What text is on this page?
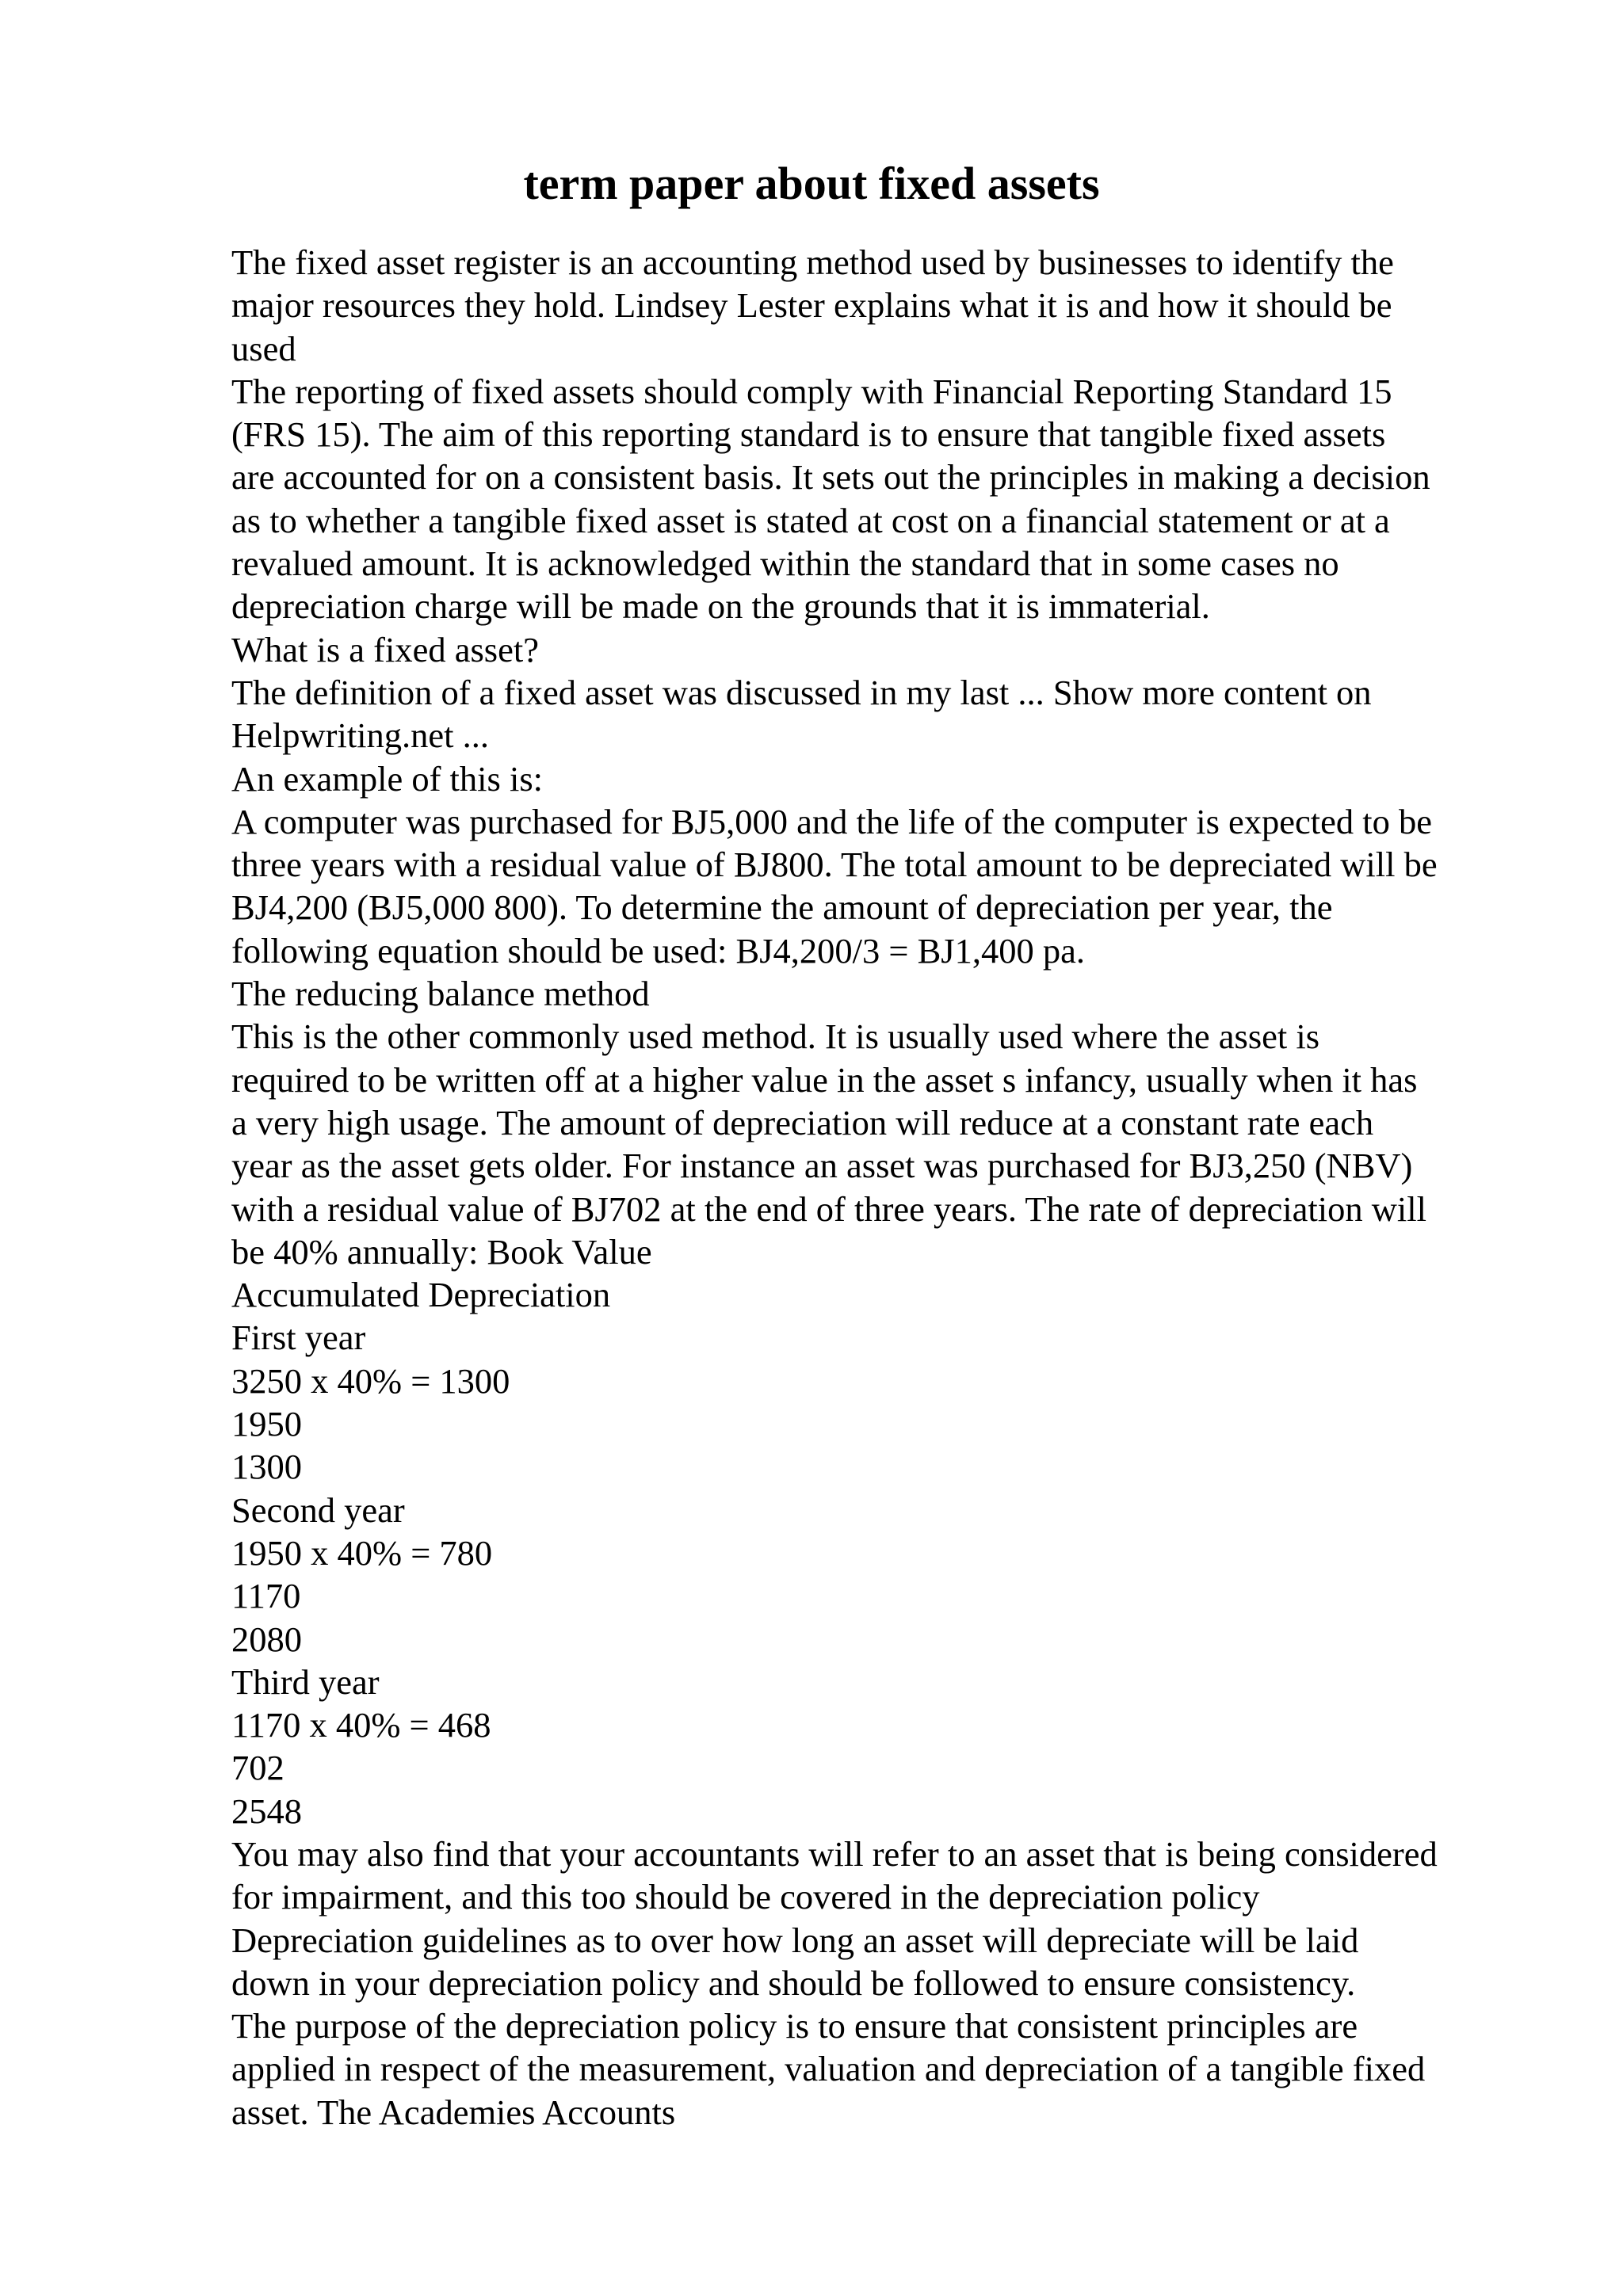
term paper about fixed assets
The fixed asset register is an accounting method used by businesses to identify the
major resources they hold. Lindsey Lester explains what it is and how it should be
used
The reporting of fixed assets should comply with Financial Reporting Standard 15
(FRS 15). The aim of this reporting standard is to ensure that tangible fixed assets
are accounted for on a consistent basis. It sets out the principles in making a decision
as to whether a tangible fixed asset is stated at cost on a financial statement or at a
revalued amount. It is acknowledged within the standard that in some cases no
depreciation charge will be made on the grounds that it is immaterial.
What is a fixed asset?
The definition of a fixed asset was discussed in my last ... Show more content on
Helpwriting.net ...
An example of this is:
A computer was purchased for BJ5,000 and the life of the computer is expected to be
three years with a residual value of BJ800. The total amount to be depreciated will be
BJ4,200 (BJ5,000 800). To determine the amount of depreciation per year, the
following equation should be used: BJ4,200/3 = BJ1,400 pa.
The reducing balance method
This is the other commonly used method. It is usually used where the asset is
required to be written off at a higher value in the asset s infancy, usually when it has
a very high usage. The amount of depreciation will reduce at a constant rate each
year as the asset gets older. For instance an asset was purchased for BJ3,250 (NBV)
with a residual value of BJ702 at the end of three years. The rate of depreciation will
be 40% annually: Book Value
Accumulated Depreciation
First year
3250 x 40% = 1300
1950
1300
Second year
1950 x 40% = 780
1170
2080
Third year
1170 x 40% = 468
702
2548
You may also find that your accountants will refer to an asset that is being considered
for impairment, and this too should be covered in the depreciation policy
Depreciation guidelines as to over how long an asset will depreciate will be laid
down in your depreciation policy and should be followed to ensure consistency.
The purpose of the depreciation policy is to ensure that consistent principles are
applied in respect of the measurement, valuation and depreciation of a tangible fixed
asset. The Academies Accounts
